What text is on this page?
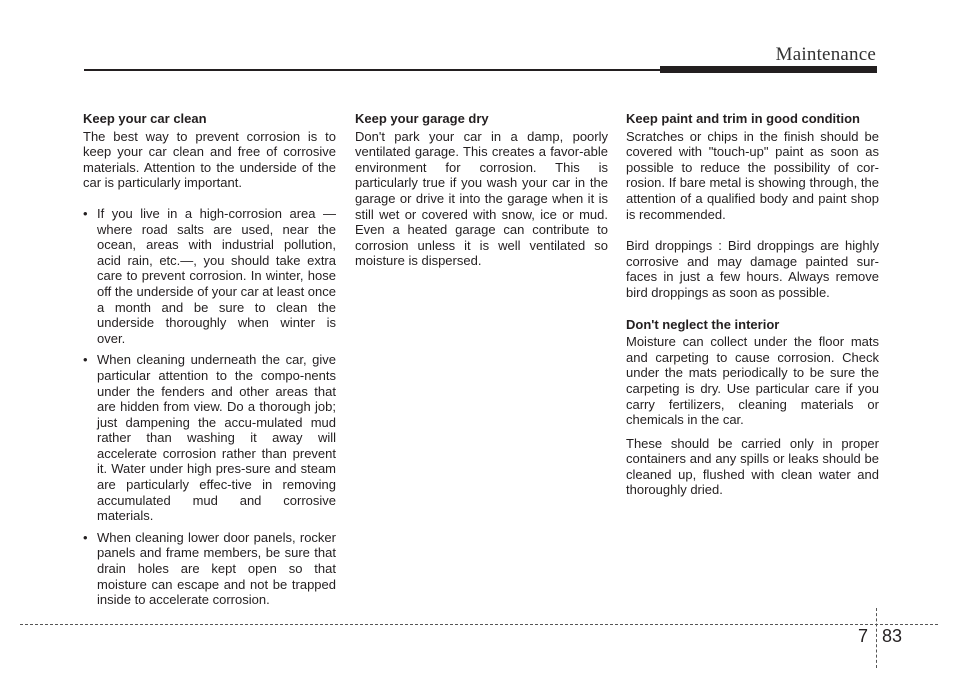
Maintenance
Keep your car clean

The best way to prevent corrosion is to keep your car clean and free of corrosive materials. Attention to the underside of the car is particularly important.

• If you live in a high-corrosion area — where road salts are used, near the ocean, areas with industrial pollution, acid rain, etc.—, you should take extra care to prevent corrosion. In winter, hose off the underside of your car at least once a month and be sure to clean the underside thoroughly when winter is over.
• When cleaning underneath the car, give particular attention to the compo-nents under the fenders and other areas that are hidden from view. Do a thorough job; just dampening the accu-mulated mud rather than washing it away will accelerate corrosion rather than prevent it. Water under high pres-sure and steam are particularly effec-tive in removing accumulated mud and corrosive materials.
• When cleaning lower door panels, rocker panels and frame members, be sure that drain holes are kept open so that moisture can escape and not be trapped inside to accelerate corrosion.
Keep your garage dry

Don't park your car in a damp, poorly ventilated garage. This creates a favor-able environment for corrosion. This is particularly true if you wash your car in the garage or drive it into the garage when it is still wet or covered with snow, ice or mud. Even a heated garage can contribute to corrosion unless it is well ventilated so moisture is dispersed.

Keep paint and trim in good condition

Scratches or chips in the finish should be covered with "touch-up" paint as soon as possible to reduce the possibility of cor-rosion. If bare metal is showing through, the attention of a qualified body and paint shop is recommended.

Bird droppings : Bird droppings are highly corrosive and may damage painted sur-faces in just a few hours. Always remove bird droppings as soon as possible.

Don't neglect the interior

Moisture can collect under the floor mats and carpeting to cause corrosion. Check under the mats periodically to be sure the carpeting is dry. Use particular care if you carry fertilizers, cleaning materials or chemicals in the car.

These should be carried only in proper containers and any spills or leaks should be cleaned up, flushed with clean water and thoroughly dried.

7 83
